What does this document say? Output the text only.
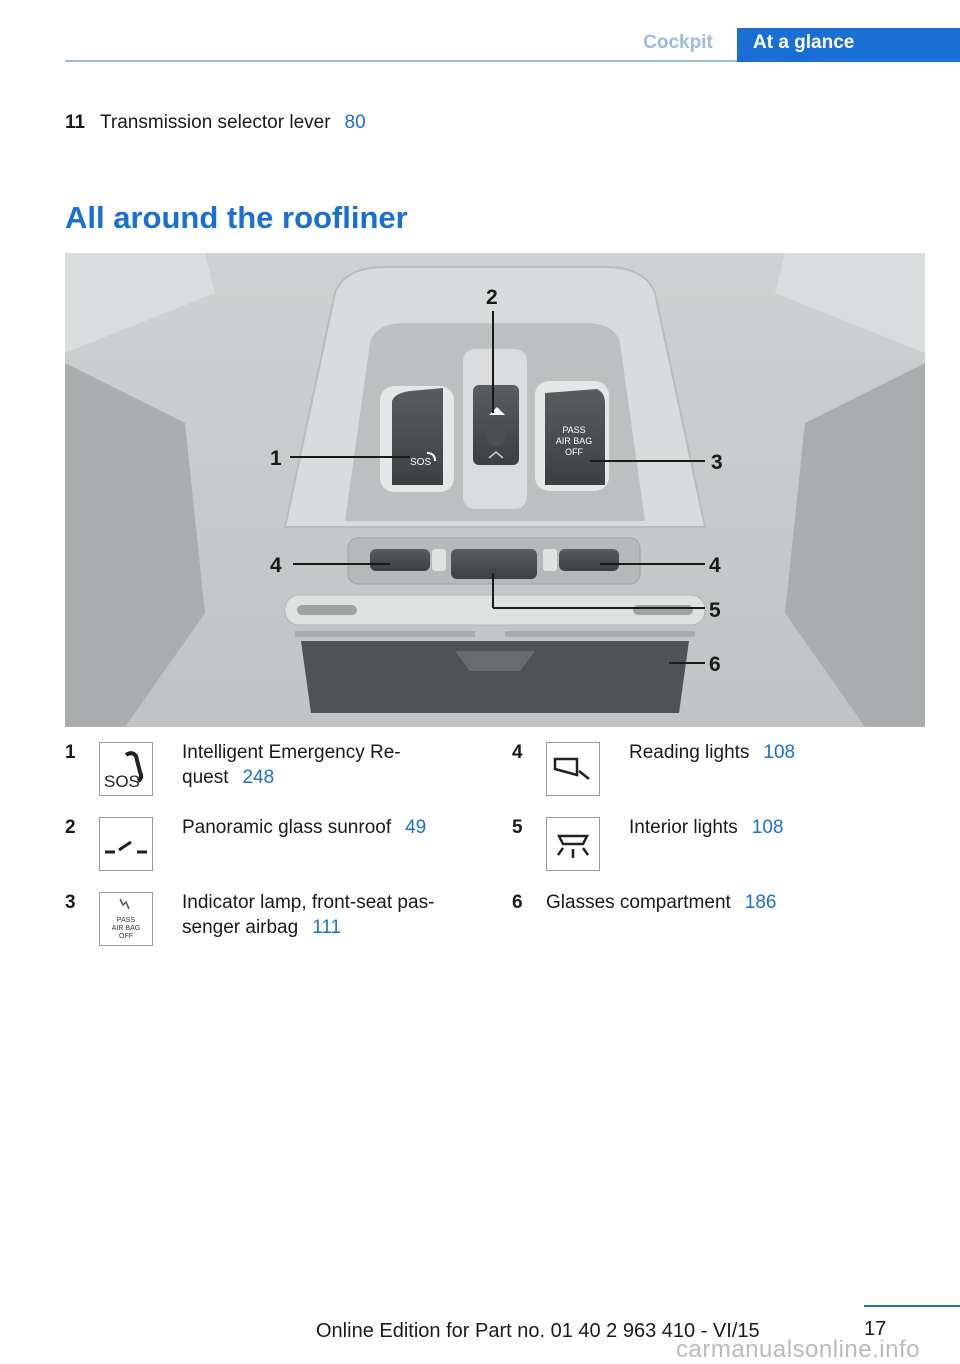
Cockpit	At a glance
11 Transmission selector lever 80
All around the roofliner
SOS
PASS
AIR BAG
OFF
1
2
3
4	4
5
6
1
SOS
Intelligent Emergency Re‐
quest 248
2	Panoramic glass sunroof 49
3
PASS
AIR BAG
OFF
Indicator lamp, front-seat pas‐
senger airbag 111
4	Reading lights 108
5	Interior lights 108
6 Glasses compartment 186
17
Online Edition for Part no. 01 40 2 963 410 - VI/15
carmanualsonline.info
